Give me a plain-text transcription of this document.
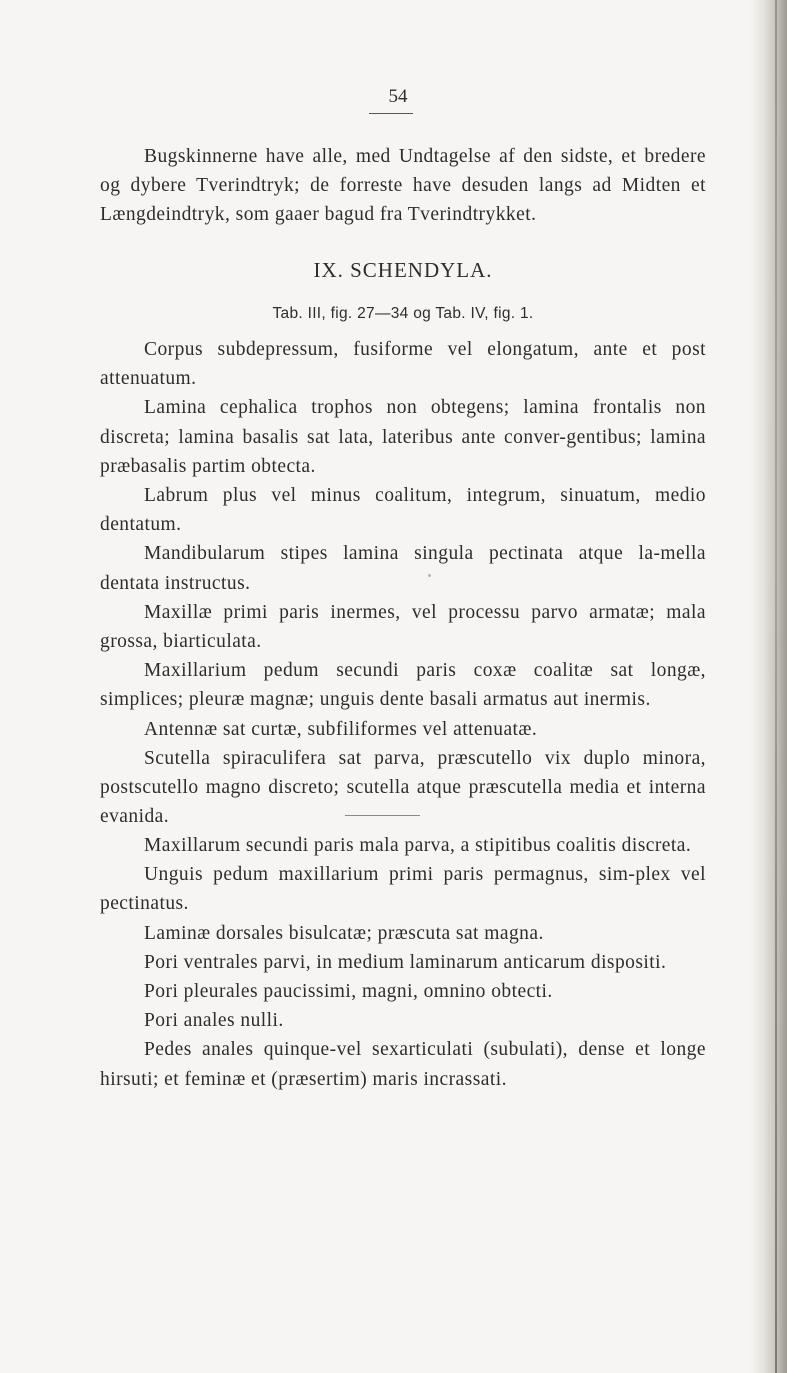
54

Bugskinnerne have alle, med Undtagelse af den sidste, et bredere og dybere Tverindtryk; de forreste have desuden langs ad Midten et Længdeindtryk, som gaaer bagud fra Tverindtrykket.

IX. SCHENDYLA.
Tab. III, fig. 27—34 og Tab. IV, fig. 1.

Corpus subdepressum, fusiforme vel elongatum, ante et post attenuatum.

Lamina cephalica trophos non obtegens; lamina frontalis non discreta; lamina basalis sat lata, lateribus ante conver-gentibus; lamina præbasalis partim obtecta.

Labrum plus vel minus coalitum, integrum, sinuatum, medio dentatum.

Mandibularum stipes lamina singula pectinata atque la-mella dentata instructus.

Maxillæ primi paris inermes, vel processu parvo armatæ; mala grossa, biarticulata.

Maxillarium pedum secundi paris coxæ coalitæ sat longæ, simplices; pleuræ magnæ; unguis dente basali armatus aut inermis.

Antennæ sat curtæ, subfiliformes vel attenuatæ.

Scutella spiraculifera sat parva, præscutello vix duplo minora, postscutello magno discreto; scutella atque præscutella media et interna evanida.

Maxillarum secundi paris mala parva, a stipitibus coalitis discreta.

Unguis pedum maxillarium primi paris permagnus, sim-plex vel pectinatus.

Laminæ dorsales bisulcatæ; præscuta sat magna.

Pori ventrales parvi, in medium laminarum anticarum dispositi.

Pori pleurales paucissimi, magni, omnino obtecti.

Pori anales nulli.

Pedes anales quinque-vel sexarticulati (subulati), dense et longe hirsuti; et feminæ et (præsertim) maris incrassati.
